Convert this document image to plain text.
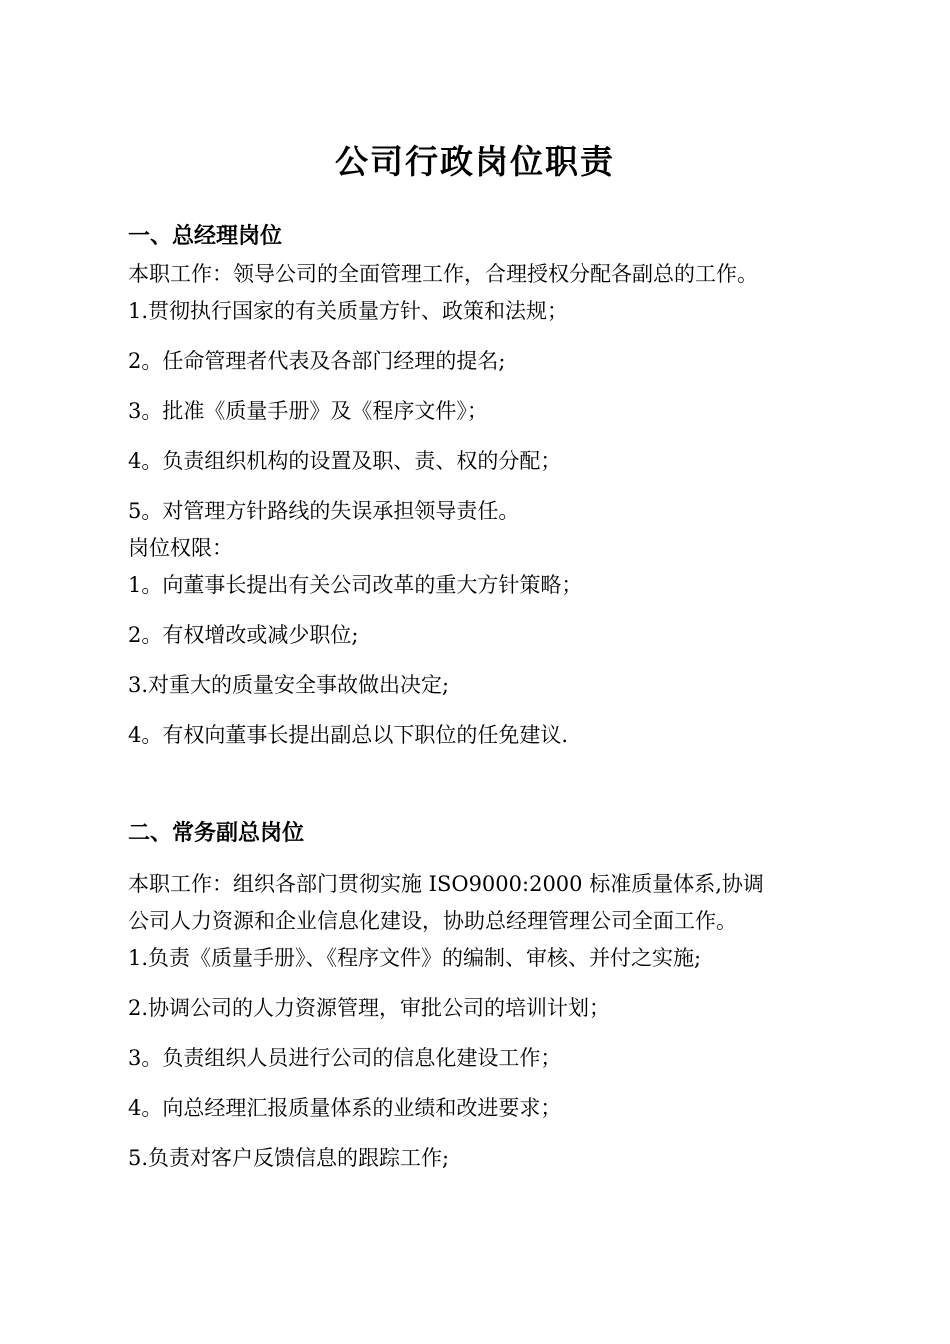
公司行政岗位职责
一、总经理岗位
本职工作：领导公司的全面管理工作，合理授权分配各副总的工作。
1.贯彻执行国家的有关质量方针、政策和法规；
2。任命管理者代表及各部门经理的提名;
3。批准《质量手册》及《程序文件》；
4。负责组织机构的设置及职、责、权的分配；
5。对管理方针路线的失误承担领导责任。
岗位权限：
1。向董事长提出有关公司改革的重大方针策略；
2。有权增改或减少职位;
3.对重大的质量安全事故做出决定;
4。有权向董事长提出副总以下职位的任免建议.
二、常务副总岗位
本职工作：组织各部门贯彻实施 ISO9000:2000 标准质量体系,协调
公司人力资源和企业信息化建设，协助总经理管理公司全面工作。
1.负责《质量手册》、《程序文件》的编制、审核、并付之实施;
2.协调公司的人力资源管理，审批公司的培训计划；
3。负责组织人员进行公司的信息化建设工作；
4。向总经理汇报质量体系的业绩和改进要求；
5.负责对客户反馈信息的跟踪工作;
